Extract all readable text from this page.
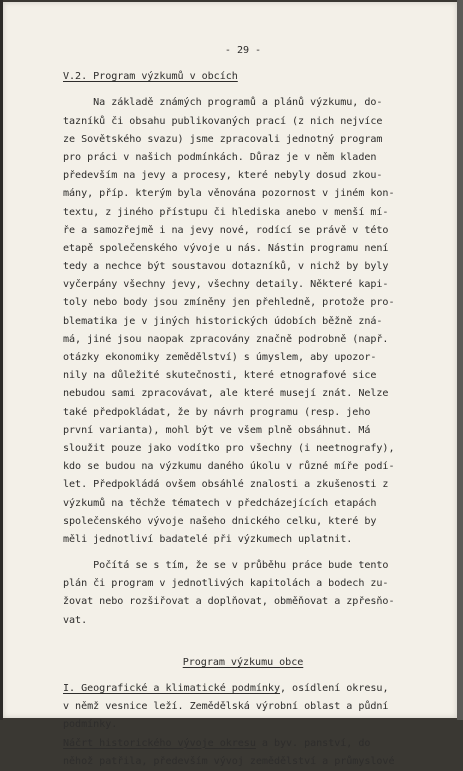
- 29 -
V.2. Program výzkumů v obcích
Na základě známých programů a plánů výzkumu, do-
tazníků či obsahu publikovaných prací (z nich nejvíce
ze Sovětského svazu) jsme zpracovali jednotný program
pro práci v našich podmínkách. Důraz je v něm kladen
především na jevy a procesy, které nebyly dosud zkou-
mány, příp. kterým byla věnována pozornost v jiném kon-
textu, z jiného přístupu či hlediska anebo v menší mí-
ře a samozřejmě i na jevy nové, rodící se právě v této
etapě společenského vývoje u nás. Nástin programu není
tedy a nechce být soustavou dotazníků, v nichž by byly
vyčerpány všechny jevy, všechny detaily. Některé kapi-
toly nebo body jsou zmíněny jen přehledně, protože pro-
blematika je v jiných historických údobích běžně zná-
má, jiné jsou naopak zpracovány značně podrobně (např.
otázky ekonomiky zemědělství) s úmyslem, aby upozor-
nily na důležité skutečnosti, které etnografové sice
nebudou sami zpracovávat, ale které musejí znát. Nelze
také předpokládat, že by návrh programu (resp. jeho
první varianta), mohl být ve všem plně obsáhnut. Má
sloužit pouze jako vodítko pro všechny (i neetnografy),
kdo se budou na výzkumu daného úkolu v různé míře podí-
let. Předpokládá ovšem obsáhlé znalosti a zkušenosti z
výzkumů na těchže tématech v předcházejících etapách
společenského vývoje našeho dnického celku, které by
měli jednotliví badatelé při výzkumech uplatnit.
Počítá se s tím, že se v průběhu práce bude tento
plán či program v jednotlivých kapitolách a bodech zu-
žovat nebo rozšiřovat a doplňovat, obměňovat a zpřesňo-
vat.
Program výzkumu obce
I. Geografické a klimatické podmínky, osídlení okresu,
v němž vesnice leží. Zemědělská výrobní oblast a půdní
podmínky.
Náčrt historického vývoje okresu a byv. panství, do
něhož patřila, především vývoj zemědělství a průmyslové
